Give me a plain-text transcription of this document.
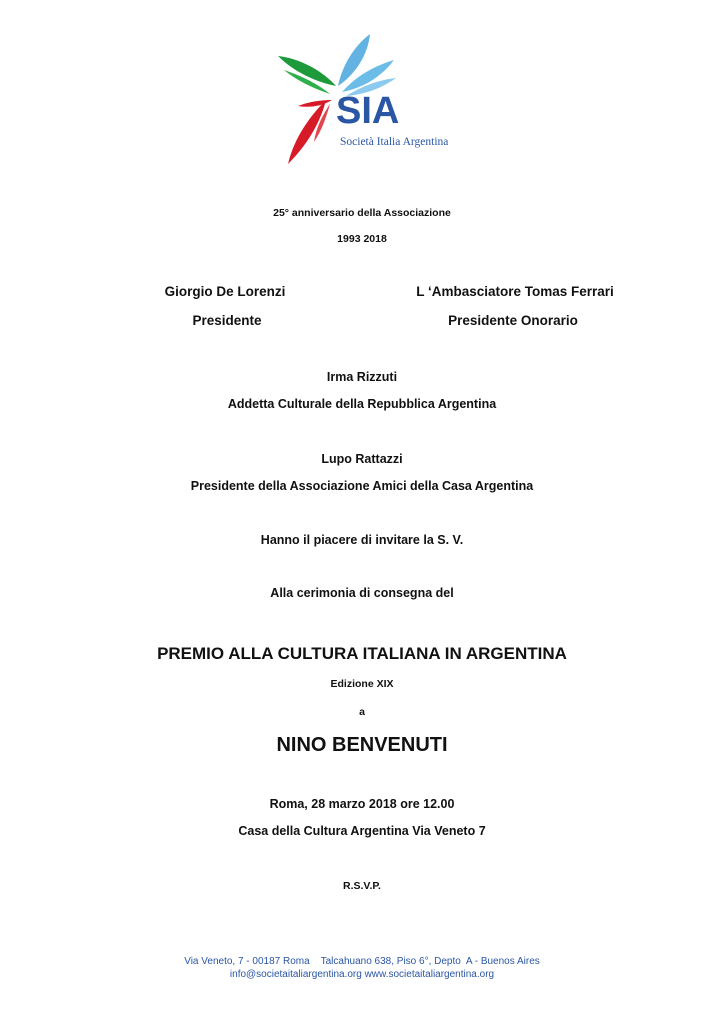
SIA
Società Italia Argentina
25° anniversario della Associazione
1993 2018
Giorgio De Lorenzi
Presidente
L ‘Ambasciatore Tomas Ferrari
Presidente Onorario
Irma Rizzuti
Addetta Culturale della Repubblica Argentina
Lupo Rattazzi
Presidente della Associazione Amici della Casa Argentina
Hanno il piacere di invitare la S. V.
Alla cerimonia di consegna del
PREMIO ALLA CULTURA ITALIANA IN ARGENTINA
Edizione XIX
a
NINO BENVENUTI
Roma, 28 marzo 2018 ore 12.00
Casa della Cultura Argentina Via Veneto 7
R.S.V.P.
Via Veneto, 7 - 00187 Roma    Talcahuano 638, Piso 6°, Depto  A - Buenos Aires
info@societaitaliargentina.org www.societaitaliargentina.org
